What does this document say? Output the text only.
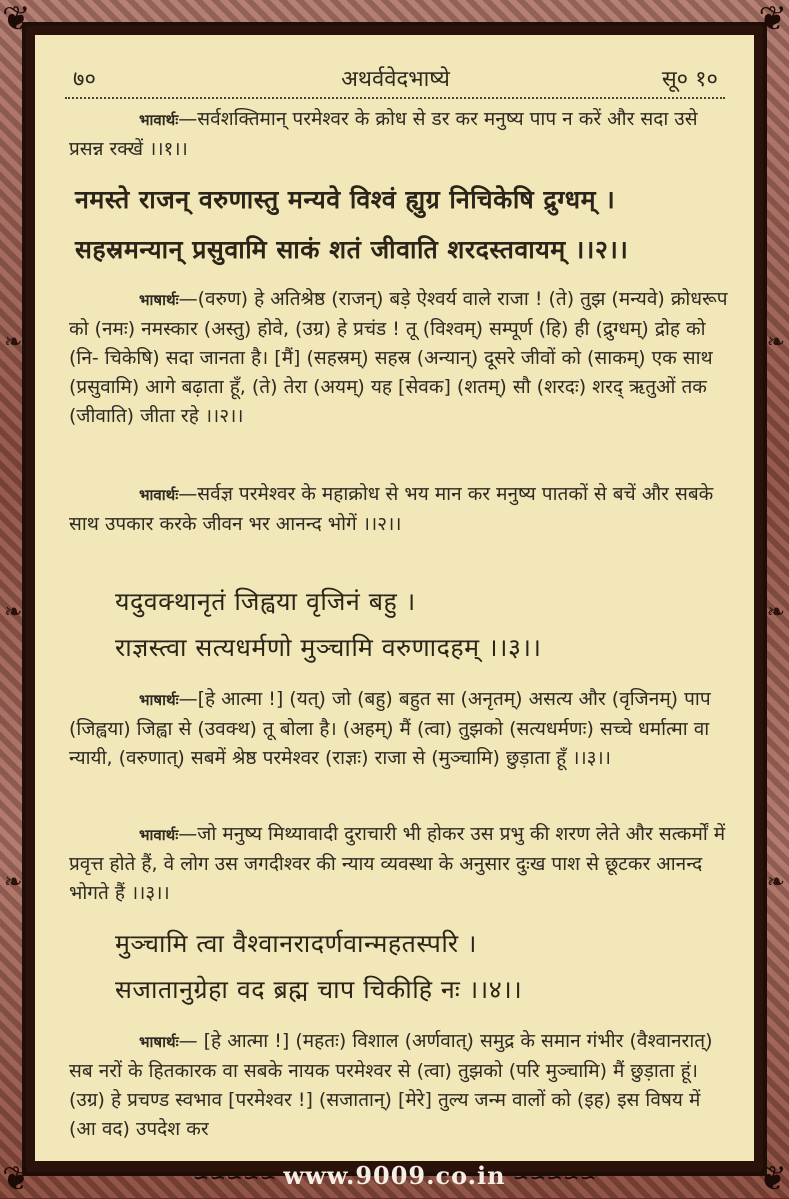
❦	❦
❦	❦
❧
❧
❧
❧
❧
❧
७०	अथर्ववेदभाष्ये	सू० १०
भावार्थः—सर्वशक्तिमान् परमेश्वर के क्रोध से डर कर मनुष्य पाप न करें और सदा उसे प्रसन्न रक्खें ।।१।।
नमस्ते राजन् वरुणास्तु मन्यवे विश्वं ह्युग्र निचिकेषि द्रुग्धम् ।
सहस्रमन्यान् प्रसुवामि साकं शतं जीवाति शरदस्तवायम् ।।२।।
भाषार्थः—(वरुण) हे अतिश्रेष्ठ (राजन्) बड़े ऐश्वर्य वाले राजा ! (ते) तुझ (मन्यवे) क्रोधरूप को (नमः) नमस्कार (अस्तु) होवे, (उग्र) हे प्रचंड ! तू (विश्वम्) सम्पूर्ण (हि) ही (द्रुग्धम्) द्रोह को (नि- चिकेषि) सदा जानता है। [मैं] (सहस्रम्) सहस्र (अन्यान्) दूसरे जीवों को (साकम्) एक साथ (प्रसुवामि) आगे बढ़ाता हूँ, (ते) तेरा (अयम्) यह [सेवक] (शतम्) सौ (शरदः) शरद् ऋतुओं तक (जीवाति) जीता रहे ।।२।।
भावार्थः—सर्वज्ञ परमेश्वर के महाक्रोध से भय मान कर मनुष्य पातकों से बचें और सबके साथ उपकार करके जीवन भर आनन्द भोगें ।।२।।
यदुवक्थानृतं जिह्वया वृजिनं बहु ।
राज्ञस्त्वा सत्यधर्मणो मुञ्चामि वरुणादहम् ।।३।।
भाषार्थः—[हे आत्मा !] (यत्) जो (बहु) बहुत सा (अनृतम्) असत्य और (वृजिनम्) पाप (जिह्वया) जिह्वा से (उवक्थ) तू बोला है। (अहम्) मैं (त्वा) तुझको (सत्यधर्मणः) सच्चे धर्मात्मा वा न्यायी, (वरुणात्) सबमें श्रेष्ठ परमेश्वर (राज्ञः) राजा से (मुञ्चामि) छुड़ाता हूँ ।।३।।
भावार्थः—जो मनुष्य मिथ्यावादी दुराचारी भी होकर उस प्रभु की शरण लेते और सत्कर्मों में प्रवृत्त होते हैं, वे लोग उस जगदीश्वर की न्याय व्यवस्था के अनुसार दुःख पाश से छूटकर आनन्द भोगते हैं ।।३।।
मुञ्चामि त्वा वैश्वानरादर्णवान्महतस्परि ।
सजातानुग्रेहा वद ब्रह्म चाप चिकीहि नः ।।४।।
भाषार्थः— [हे आत्मा !] (महतः) विशाल (अर्णवात्) समुद्र के समान गंभीर (वैश्वानरात्) सब नरों के हितकारक वा सबके नायक परमेश्वर से (त्वा) तुझको (परि मुञ्चामि) मैं छुड़ाता हूं। (उग्र) हे प्रचण्ड स्वभाव [परमेश्वर !] (सजातान्) [मेरे] तुल्य जन्म वालों को (इह) इस विषय में (आ वद) उपदेश कर
∽∽∽∽∽ www.9009.co.in ∽∽∽∽∽
